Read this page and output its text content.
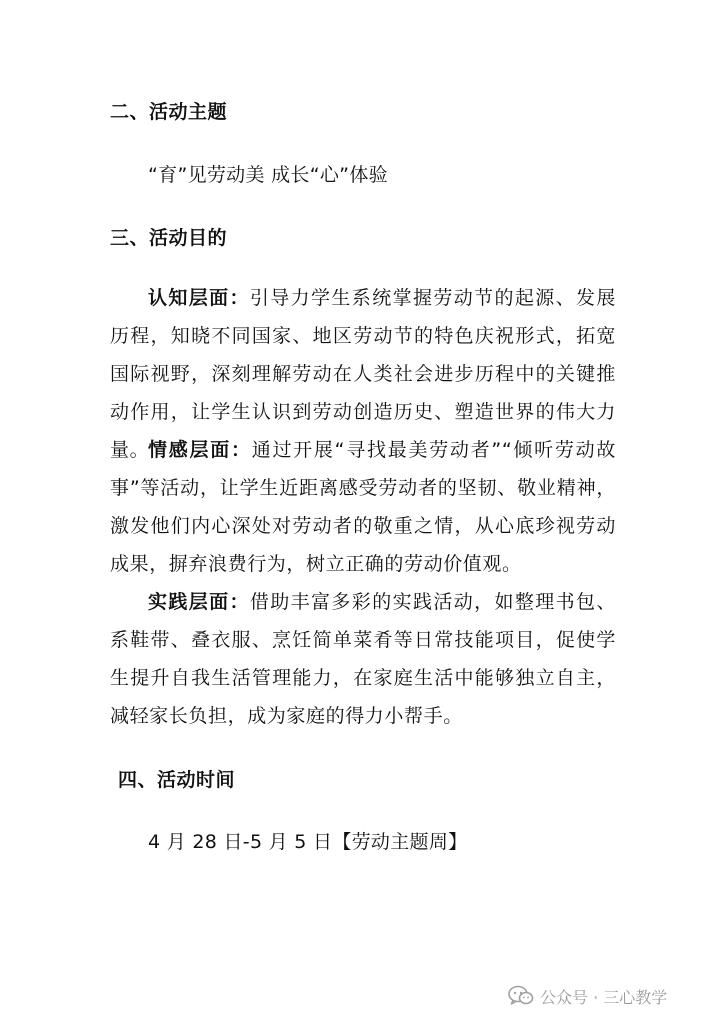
二、活动主题
“育”见劳动美 成长“心”体验
三、活动目的
认知层面：引导力学生系统掌握劳动节的起源、发展历程，知晓不同国家、地区劳动节的特色庆祝形式，拓宽国际视野，深刻理解劳动在人类社会进步历程中的关键推动作用，让学生认识到劳动创造历史、塑造世界的伟大力量。
情感层面：通过开展“寻找最美劳动者”“倾听劳动故事”等活动，让学生近距离感受劳动者的坚韧、敬业精神，激发他们内心深处对劳动者的敬重之情，从心底珍视劳动成果，摒弃浪费行为，树立正确的劳动价值观。
实践层面：借助丰富多彩的实践活动，如整理书包、系鞋带、叠衣服、烹饪简单菜肴等日常技能项目，促使学生提升自我生活管理能力，在家庭生活中能够独立自主，减轻家长负担，成为家庭的得力小帮手。
四、活动时间
4 月 28 日-5 月 5 日【劳动主题周】
公众号 · 三心教学
